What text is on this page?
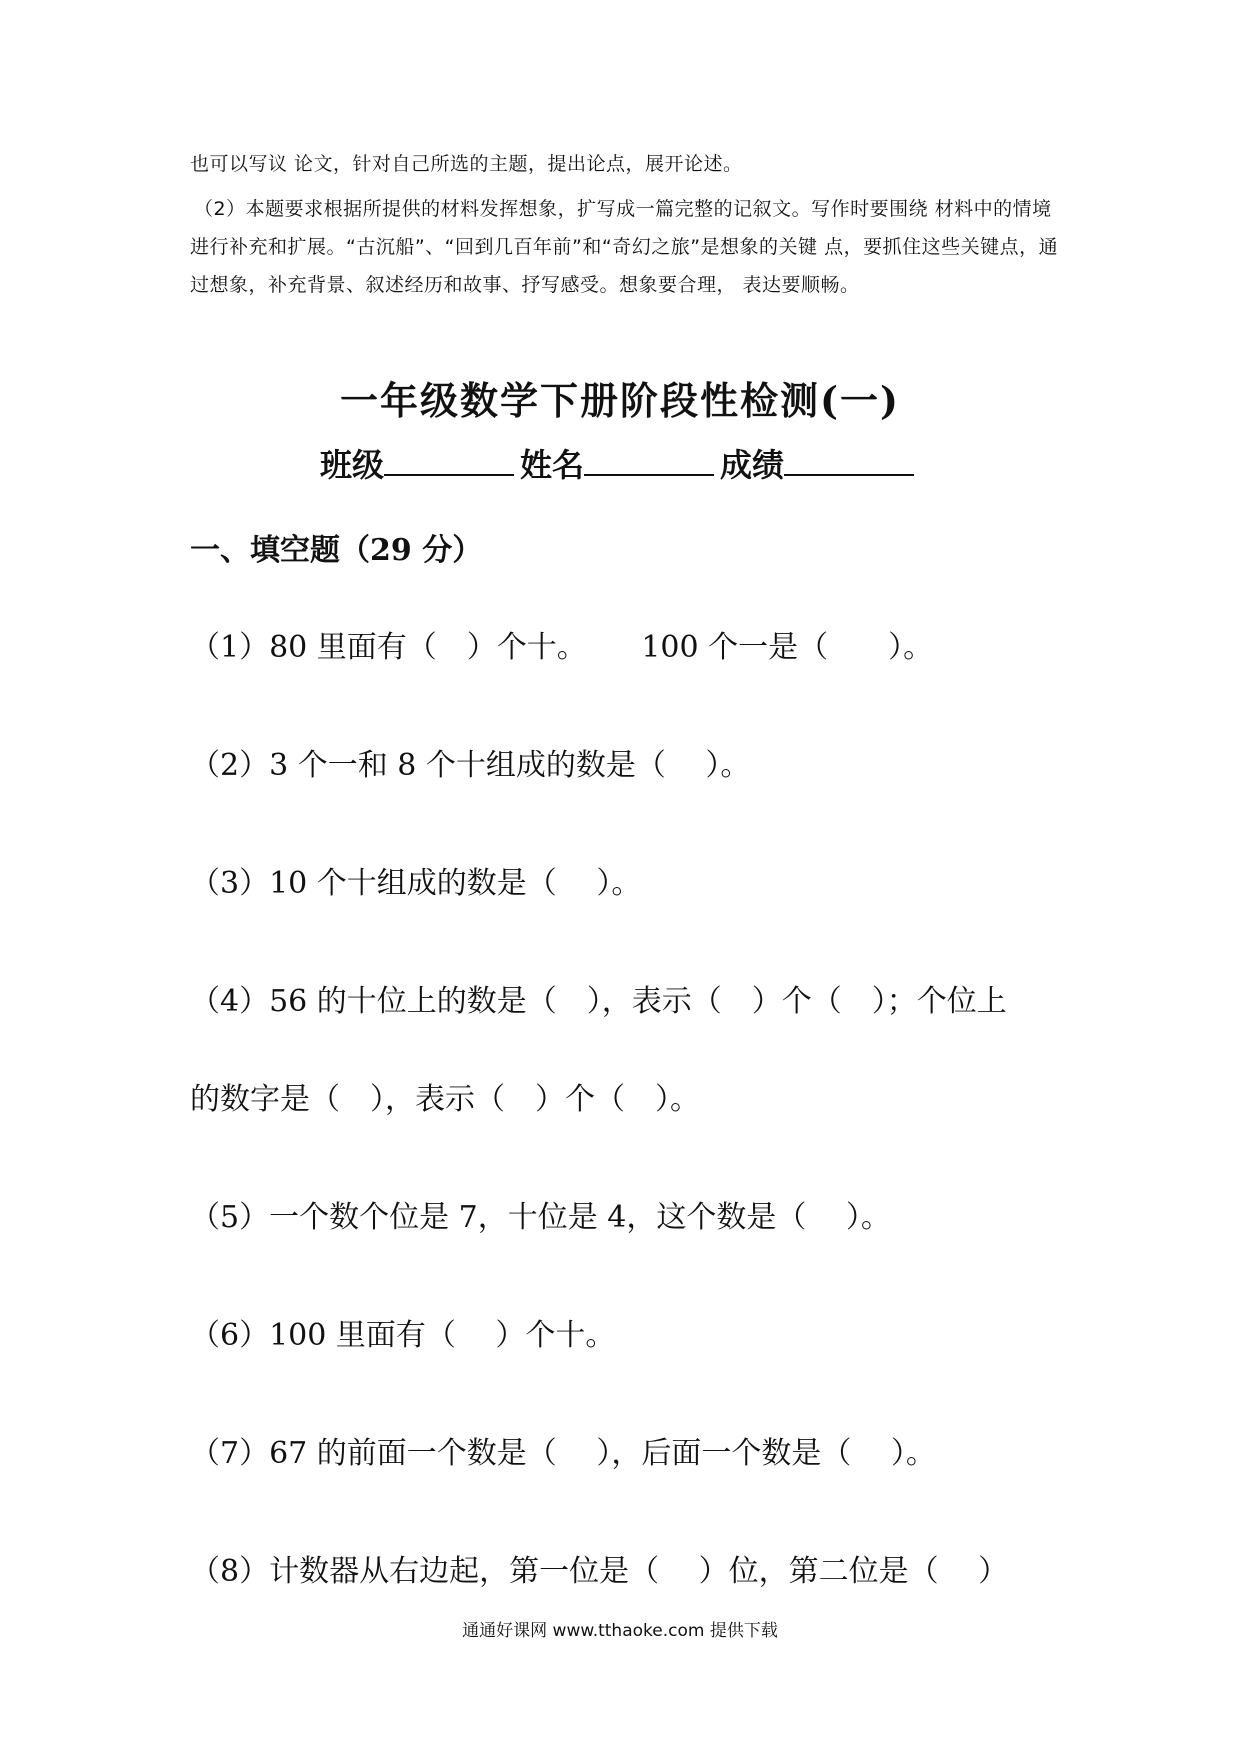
也可以写议 论文，针对自己所选的主题，提出论点，展开论述。
（2）本题要求根据所提供的材料发挥想象，扩写成一篇完整的记叙文。写作时要围绕 材料中的情境进行补充和扩展。“古沉船”、“回到几百年前”和“奇幻之旅”是想象的关键 点，要抓住这些关键点，通过想象，补充背景、叙述经历和故事、抒写感受。想象要合理， 表达要顺畅。
一年级数学下册阶段性检测(一)
班级	姓名	成绩
一、填空题（29 分）
（1）80 里面有（　）个十。　　 100 个一是（　　）。
（2）3 个一和 8 个十组成的数是（　 ）。
（3）10 个十组成的数是（　 ）。
（4）56 的十位上的数是（　），表示（　）个（　）；个位上
的数字是（　），表示（　）个（　）。
（5）一个数个位是 7，十位是 4，这个数是（　 ）。
（6）100 里面有（　 ）个十。
（7）67 的前面一个数是（　 ），后面一个数是（　 ）。
（8）计数器从右边起，第一位是（　 ）位，第二位是（　 ）
通通好课网 www.tthaoke.com 提供下载
